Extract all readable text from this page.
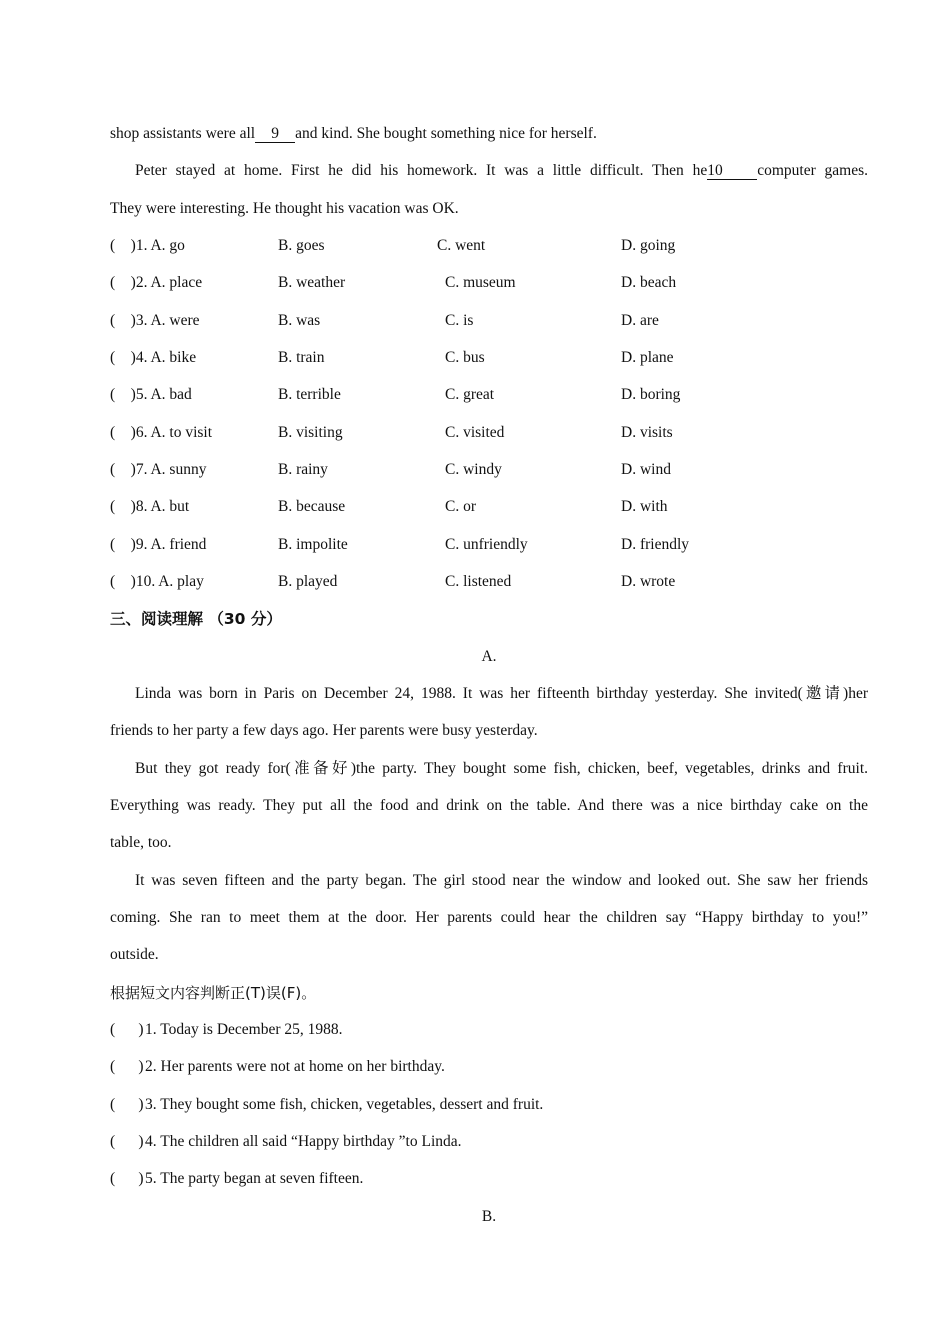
shop assistants were all 9 and kind. She bought something nice for herself.
Peter stayed at home. First he did his homework. It was a little difficult. Then he10 computer games.
They were interesting. He thought his vacation was OK.
(    )1. A. go	B. goes	C. went	D. going
(    )2. A. place	B. weather	C. museum	D. beach
(    )3. A. were	B. was	C. is	D. are
(    )4. A. bike	B. train	C. bus	D. plane
(    )5. A. bad	B. terrible	C. great	D. boring
(    )6. A. to visit	B. visiting	C. visited	D. visits
(    )7. A. sunny	B. rainy	C. windy	D. wind
(    )8. A. but	B. because	C. or	D. with
(    )9. A. friend	B. impolite	C. unfriendly	D. friendly
(    )10. A. play	B. played	C. listened	D. wrote
三、阅读理解 （30 分）
A.
Linda was born in Paris on December 24, 1988. It was her fifteenth birthday yesterday. She invited(邀请)her
friends to her party a few days ago. Her parents were busy yesterday.
But they got ready for(准备好)the party. They bought some fish, chicken, beef, vegetables, drinks and fruit.
Everything was ready. They put all the food and drink on the table. And there was a nice birthday cake on the
table, too.
It was seven fifteen and the party began. The girl stood near the window and looked out. She saw her friends
coming. She ran to meet them at the door. Her parents could hear the children say “Happy birthday to you!”
outside.
根据短文内容判断正(T)误(F)。
(      )1. Today is December 25, 1988.
(      )2. Her parents were not at home on her birthday.
(      )3. They bought some fish, chicken, vegetables, dessert and fruit.
(      )4. The children all said “Happy birthday ”to Linda.
(      )5. The party began at seven fifteen.
B.
